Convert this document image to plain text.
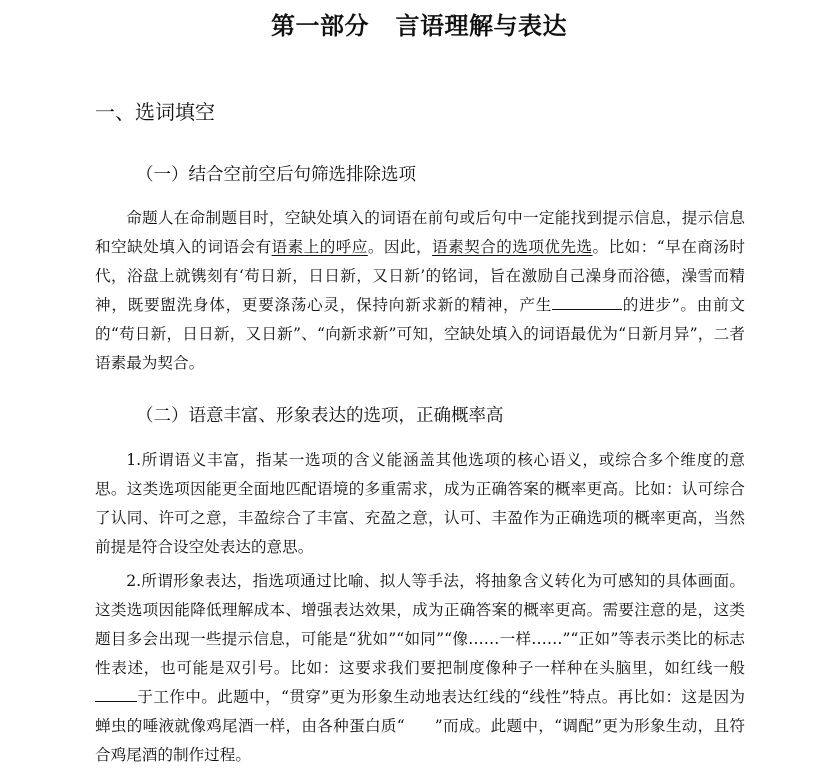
第一部分   言语理解与表达
一、选词填空
（一）结合空前空后句筛选排除选项

命题人在命制题目时，空缺处填入的词语在前句或后句中一定能找到提示信息，提示信息和空缺处填入的词语会有语素上的呼应。因此，语素契合的选项优先选。比如：“早在商汤时代，浴盘上就镌刻有‘苟日新，日日新，又日新’的铭词，旨在激励自己澡身而浴德，澡雪而精神，既要盥洗身体，更要涤荡心灵，保持向新求新的精神，产生	的进步”。由前文的“苟日新，日日新，又日新”、“向新求新”可知，空缺处填入的词语最优为“日新月异”，二者语素最为契合。

（二）语意丰富、形象表达的选项，正确概率高

1.所谓语义丰富，指某一选项的含义能涵盖其他选项的核心语义，或综合多个维度的意思。这类选项因能更全面地匹配语境的多重需求，成为正确答案的概率更高。比如：认可综合了认同、许可之意，丰盈综合了丰富、充盈之意，认可、丰盈作为正确选项的概率更高，当然前提是符合设空处表达的意思。

2.所谓形象表达，指选项通过比喻、拟人等手法，将抽象含义转化为可感知的具体画面。这类选项因能降低理解成本、增强表达效果，成为正确答案的概率更高。需要注意的是，这类题目多会出现一些提示信息，可能是“犹如”“如同”“像……一样……”“正如”等表示类比的标志性表述，也可能是双引号。比如：这要求我们要把制度像种子一样种在头脑里，如红线一般于工作中。此题中，“贯穿”更为形象生动地表达红线的“线性”特点。再比如：这是因为蝉虫的唾液就像鸡尾酒一样，由各种蛋白质“ ”而成。此题中，“调配”更为形象生动，且符合鸡尾酒的制作过程。
